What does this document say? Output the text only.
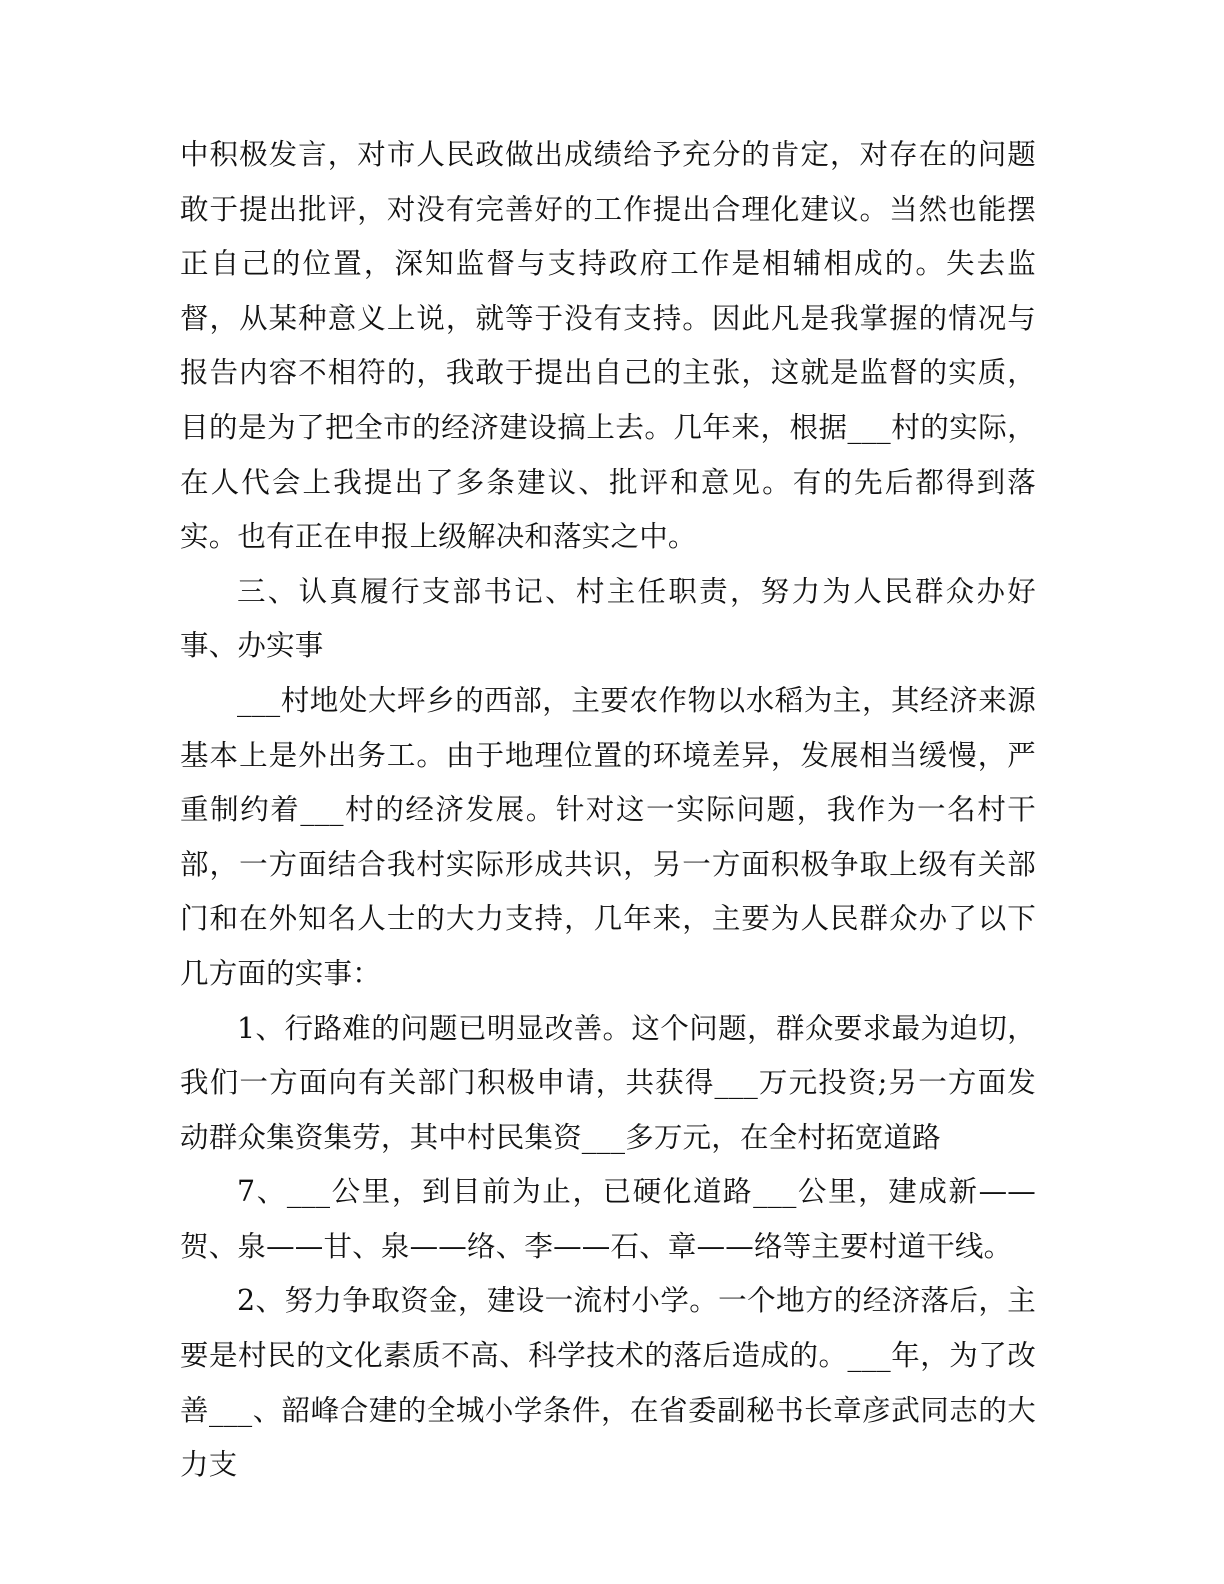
中积极发言，对市人民政做出成绩给予充分的肯定，对存在的问题敢于提出批评，对没有完善好的工作提出合理化建议。当然也能摆正自己的位置，深知监督与支持政府工作是相辅相成的。失去监督，从某种意义上说，就等于没有支持。因此凡是我掌握的情况与报告内容不相符的，我敢于提出自己的主张，这就是监督的实质，目的是为了把全市的经济建设搞上去。几年来，根据___村的实际，在人代会上我提出了多条建议、批评和意见。有的先后都得到落实。也有正在申报上级解决和落实之中。

三、认真履行支部书记、村主任职责，努力为人民群众办好事、办实事

___村地处大坪乡的西部，主要农作物以水稻为主，其经济来源基本上是外出务工。由于地理位置的环境差异，发展相当缓慢，严重制约着___村的经济发展。针对这一实际问题，我作为一名村干部，一方面结合我村实际形成共识，另一方面积极争取上级有关部门和在外知名人士的大力支持，几年来，主要为人民群众办了以下几方面的实事：

1、行路难的问题已明显改善。这个问题，群众要求最为迫切，我们一方面向有关部门积极申请，共获得___万元投资;另一方面发动群众集资集劳，其中村民集资___多万元，在全村拓宽道路

7、___公里，到目前为止，已硬化道路___公里，建成新——贺、泉——甘、泉——络、李——石、章——络等主要村道干线。

2、努力争取资金，建设一流村小学。一个地方的经济落后，主要是村民的文化素质不高、科学技术的落后造成的。___年，为了改善___、韶峰合建的全城小学条件，在省委副秘书长章彦武同志的大力支
